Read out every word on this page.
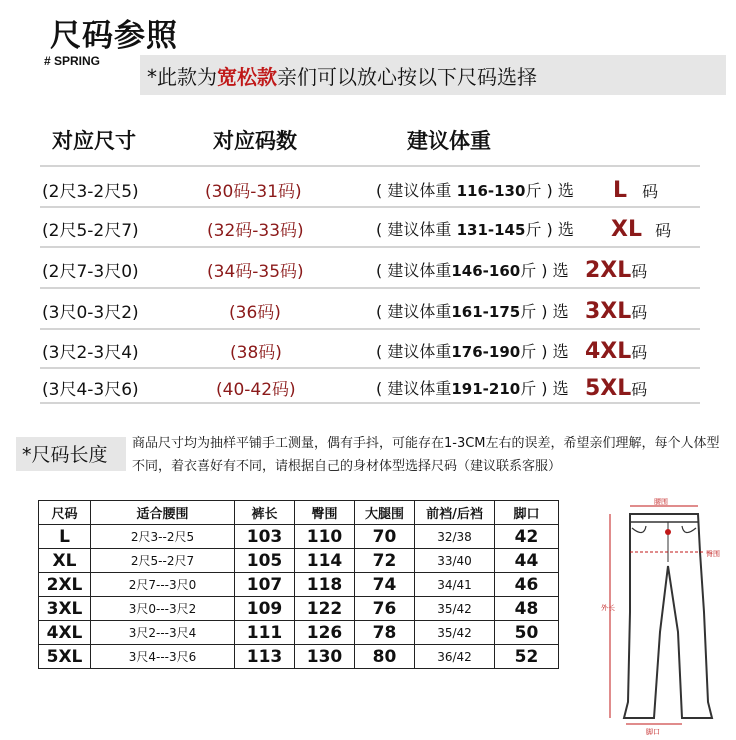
尺码参照
# SPRING
*此款为宽松款亲们可以放心按以下尺码选择
对应尺寸	对应码数	建议体重
(2尺3-2尺5)	(30码-31码)	( 建议体重 116-130斤 ) 选	L 码
(2尺5-2尺7)	(32码-33码)	( 建议体重 131-145斤 ) 选	XL 码
(2尺7-3尺0)	(34码-35码)	( 建议体重146-160斤 ) 选 2XL码
(3尺0-3尺2)	(36码)	( 建议体重161-175斤 ) 选 3XL码
(3尺2-3尺4)	(38码)	( 建议体重176-190斤 ) 选 4XL码
(3尺4-3尺6)	(40-42码)	( 建议体重191-210斤 ) 选 5XL码
*尺码长度
商品尺寸均为抽样平铺手工测量，偶有手抖，可能存在1-3CM左右的误差，希望亲们理解，每个人体型不同，着衣喜好有不同，请根据自己的身材体型选择尺码（建议联系客服）
尺码	适合腰围	裤长	臀围	大腿围	前裆/后裆	脚口
L	2尺3--2尺5	103	110	70	32/38	42
XL	2尺5--2尺7	105	114	72	33/40	44
2XL	2尺7---3尺0	107	118	74	34/41	46
3XL	3尺0---3尺2	109	122	76	35/42	48
4XL	3尺2---3尺4	111	126	78	35/42	50
5XL	3尺4---3尺6	113	130	80	36/42	52
腰围
臀围
外长
脚口
